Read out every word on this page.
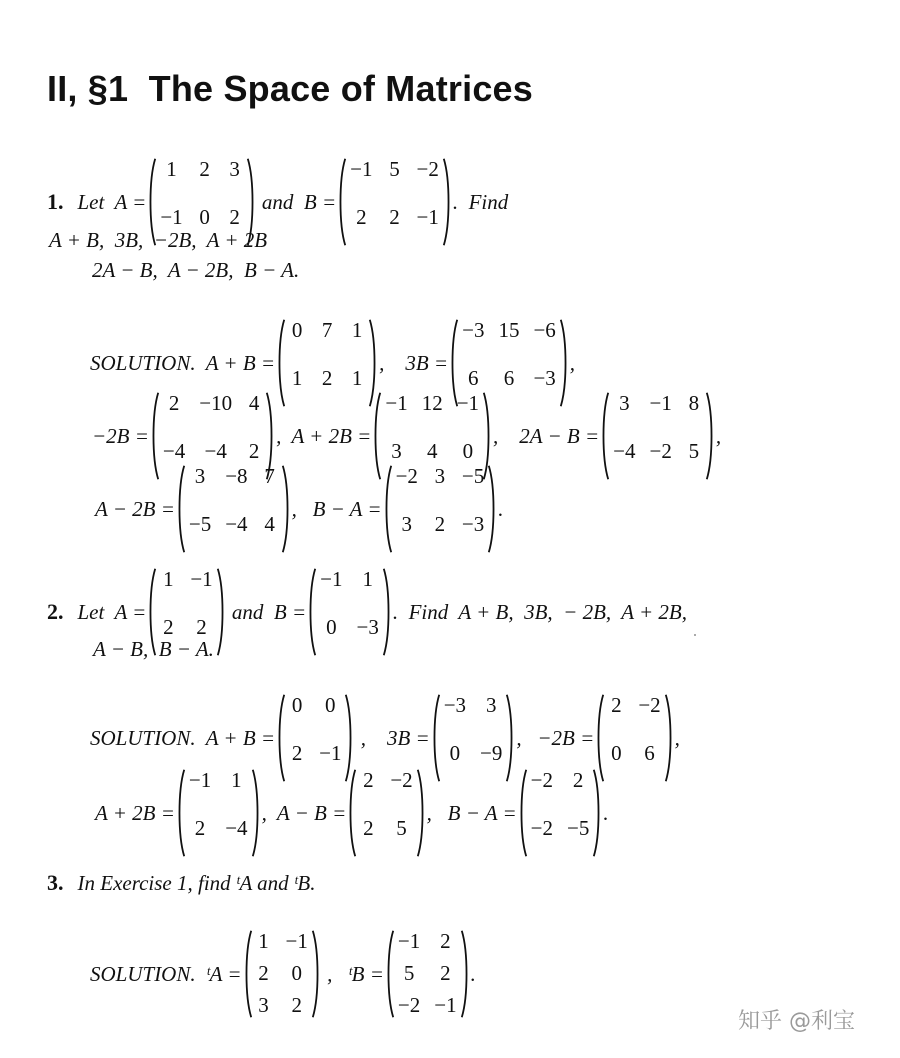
II, §1  The Space of Matrices
1. Let  A =
1 2 3
−1 0 2
and  B =
−1 5 −2
2 2 −1
.  Find
A + B,  3B,  −2B,  A + 2B
2A − B,  A − 2B,  B − A.
SOLUTION. A + B =
0 7 1
1 2 1
,    3B =
−3 15 −6
6 6 −3
,
−2B =
2 −10 4
−4 −4 2
,  A + 2B =
−1 12 −1
3 4 0
,    2A − B =
3 −1 8
−4 −2 5
,
A − 2B =
3 −8 7
−5 −4 4
,   B − A =
−2 3 −5
3 2 −3
.
2. Let  A =
1 −1
2 2
and  B =
−1 1
0 −3
.  Find  A + B,  3B,  − 2B,  A + 2B,
A − B,  B − A.
SOLUTION. A + B =
0 0
2 −1
,    3B =
−3 3
0 −9
,   −2B =
2 −2
0 6
,
A + 2B =
−1 1
2 −4
,  A − B =
2 −2
2 5
,   B − A =
−2 2
−2 −5
.
3. In Exercise 1, find ᵗA and ᵗB.
SOLUTION. ᵗA =
1 −1
2 0
3 2
,   ᵗB =
−1 2
5 2
−2 −1
.
知乎 @利宝
